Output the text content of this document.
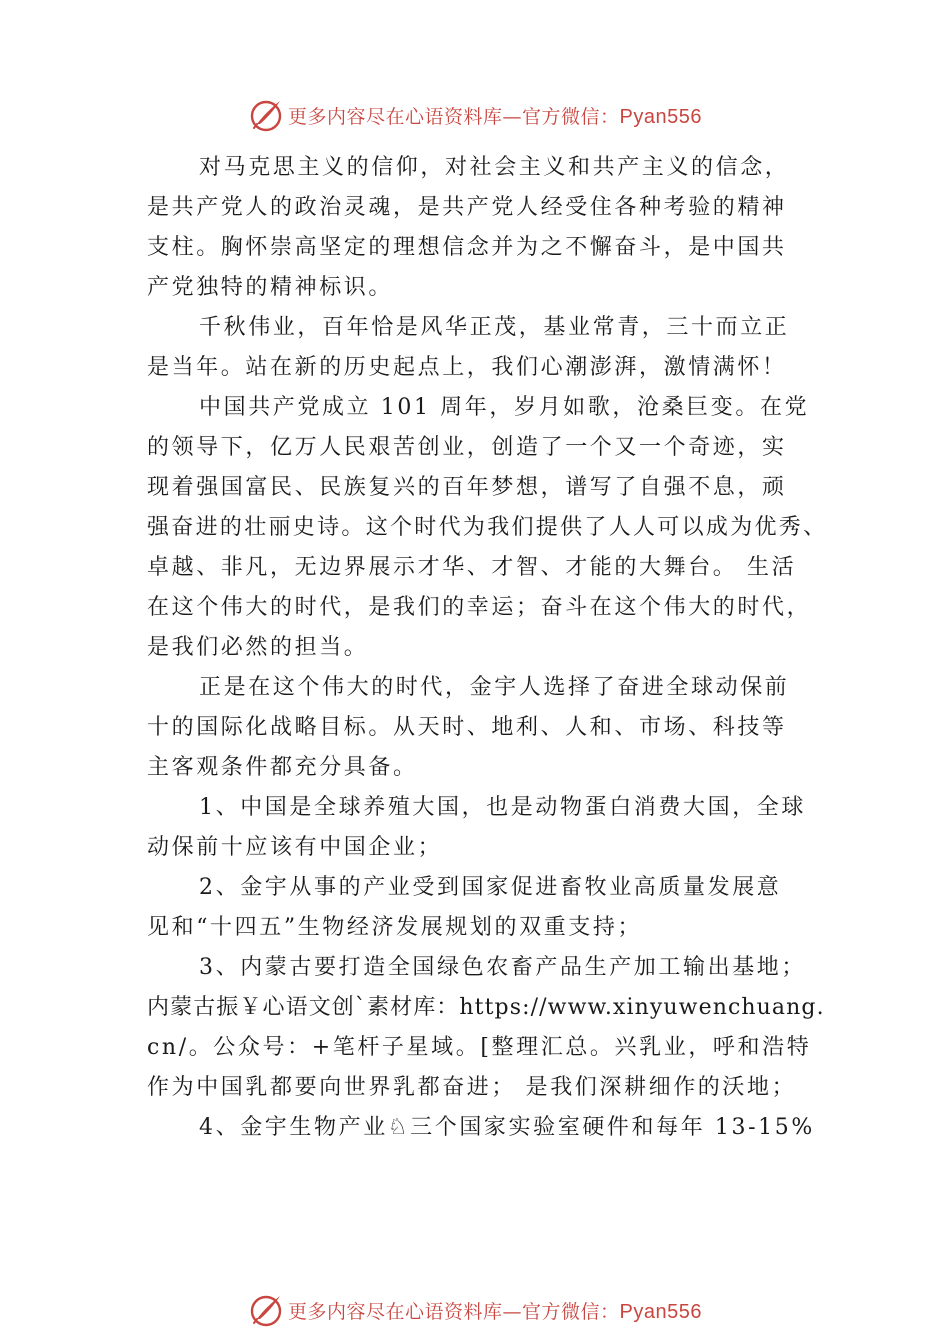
更多内容尽在心语资料库—官方微信：Pyan556
对马克思主义的信仰，对社会主义和共产主义的信念，
是共产党人的政治灵魂，是共产党人经受住各种考验的精神
支柱。胸怀崇高坚定的理想信念并为之不懈奋斗，是中国共
产党独特的精神标识。
千秋伟业，百年恰是风华正茂，基业常青，三十而立正
是当年。站在新的历史起点上，我们心潮澎湃，激情满怀！
中国共产党成立 101 周年，岁月如歌，沧桑巨变。在党
的领导下，亿万人民艰苦创业，创造了一个又一个奇迹，实
现着强国富民、民族复兴的百年梦想，谱写了自强不息，顽
强奋进的壮丽史诗。这个时代为我们提供了人人可以成为优秀、
卓越、非凡，无边界展示才华、才智、才能的大舞台。 生活
在这个伟大的时代，是我们的幸运；奋斗在这个伟大的时代，
是我们必然的担当。
正是在这个伟大的时代，金宇人选择了奋进全球动保前
十的国际化战略目标。从天时、地利、人和、市场、科技等
主客观条件都充分具备。
1、中国是全球养殖大国，也是动物蛋白消费大国，全球
动保前十应该有中国企业；
2、金宇从事的产业受到国家促进畜牧业高质量发展意
见和“十四五”生物经济发展规划的双重支持；
3、内蒙古要打造全国绿色农畜产品生产加工输出基地；
内蒙古振￥心语文创`素材库：https://www.xinyuwenchuang.
cn/。公众号：+笔杆子星域。[整理汇总。兴乳业，呼和浩特
作为中国乳都要向世界乳都奋进； 是我们深耕细作的沃地；
4、金宇生物产业♘三个国家实验室硬件和每年 13-15%
更多内容尽在心语资料库—官方微信：Pyan556
